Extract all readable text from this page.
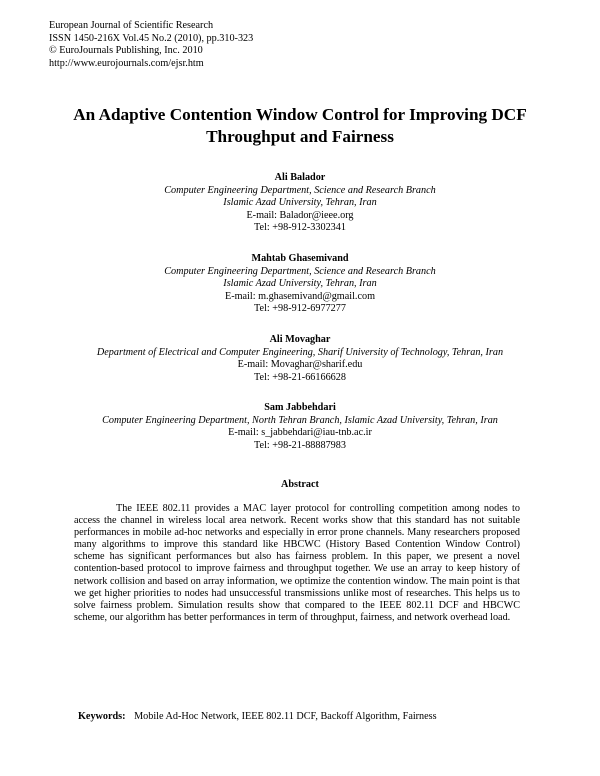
European Journal of Scientific Research
ISSN 1450-216X Vol.45 No.2 (2010), pp.310-323
© EuroJournals Publishing, Inc. 2010
http://www.eurojournals.com/ejsr.htm
An Adaptive Contention Window Control for Improving DCF
Throughput and Fairness
Ali Balador
Computer Engineering Department, Science and Research Branch
Islamic Azad University, Tehran, Iran
E-mail: Balador@ieee.org
Tel: +98-912-3302341
Mahtab Ghasemivand
Computer Engineering Department, Science and Research Branch
Islamic Azad University, Tehran, Iran
E-mail: m.ghasemivand@gmail.com
Tel: +98-912-6977277
Ali Movaghar
Department of Electrical and Computer Engineering, Sharif University of Technology, Tehran, Iran
E-mail: Movaghar@sharif.edu
Tel: +98-21-66166628
Sam Jabbehdari
Computer Engineering Department, North Tehran Branch, Islamic Azad University, Tehran, Iran
E-mail: s_jabbehdari@iau-tnb.ac.ir
Tel: +98-21-88887983
Abstract

The IEEE 802.11 provides a MAC layer protocol for controlling competition among nodes to access the channel in wireless local area network. Recent works show that this standard has not suitable performances in mobile ad-hoc networks and especially in error prone channels. Many researchers proposed many algorithms to improve this standard like HBCWC (History Based Contention Window Control) scheme has significant performances but also has fairness problem. In this paper, we present a novel contention-based protocol to improve fairness and throughput together. We use an array to keep history of network collision and based on array information, we optimize the contention window. The main point is that we get higher priorities to nodes had unsuccessful transmissions unlike most of researches. This helps us to solve fairness problem. Simulation results show that compared to the IEEE 802.11 DCF and HBCWC scheme, our algorithm has better performances in term of throughput, fairness, and network overhead load.

Keywords: Mobile Ad-Hoc Network, IEEE 802.11 DCF, Backoff Algorithm, Fairness
